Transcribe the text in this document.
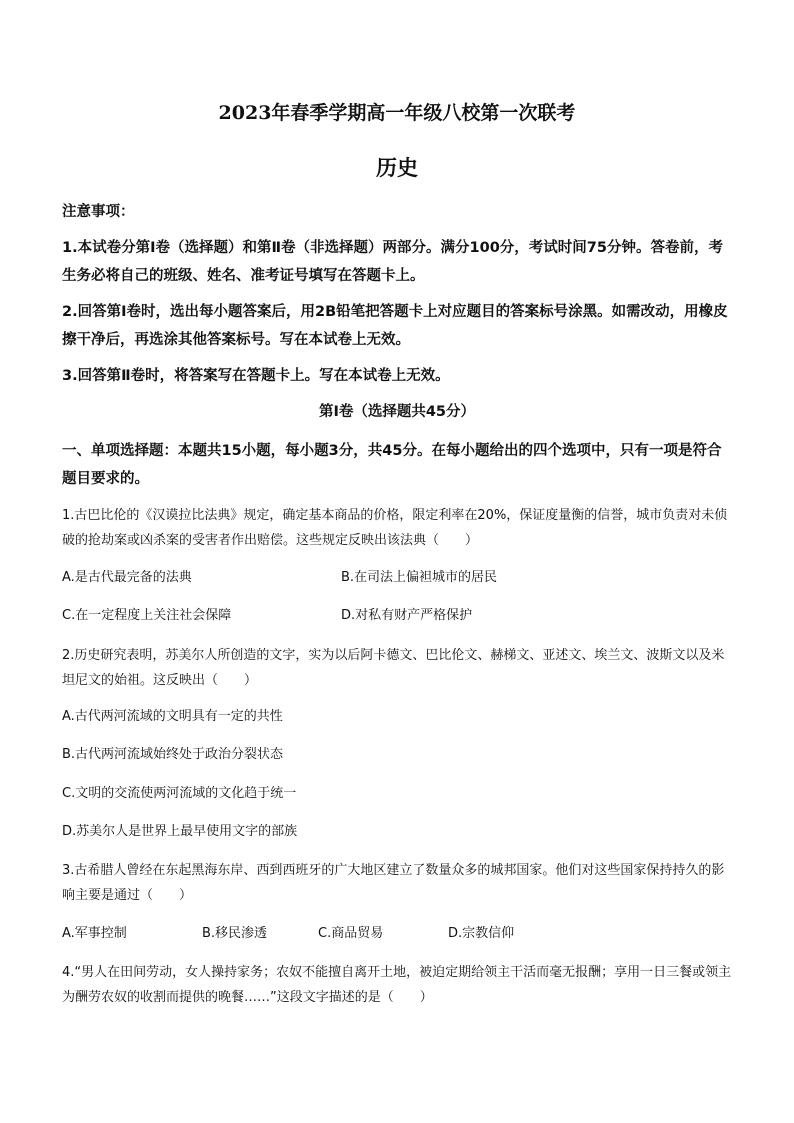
2023年春季学期高一年级八校第一次联考
历史
注意事项：
1.本试卷分第Ⅰ卷（选择题）和第Ⅱ卷（非选择题）两部分。满分100分，考试时间75分钟。答卷前，考生务必将自己的班级、姓名、准考证号填写在答题卡上。
2.回答第Ⅰ卷时，选出每小题答案后，用2B铅笔把答题卡上对应题目的答案标号涂黑。如需改动，用橡皮擦干净后，再选涂其他答案标号。写在本试卷上无效。
3.回答第Ⅱ卷时，将答案写在答题卡上。写在本试卷上无效。
第Ⅰ卷（选择题共45分）
一、单项选择题：本题共15小题，每小题3分，共45分。在每小题给出的四个选项中，只有一项是符合题目要求的。
1.古巴比伦的《汉谟拉比法典》规定，确定基本商品的价格，限定利率在20%，保证度量衡的信誉，城市负责对未侦破的抢劫案或凶杀案的受害者作出赔偿。这些规定反映出该法典（　　）
A.是古代最完备的法典	B.在司法上偏袒城市的居民
C.在一定程度上关注社会保障	D.对私有财产严格保护
2.历史研究表明，苏美尔人所创造的文字，实为以后阿卡德文、巴比伦文、赫梯文、亚述文、埃兰文、波斯文以及米坦尼文的始祖。这反映出（　　）
A.古代两河流域的文明具有一定的共性
B.古代两河流域始终处于政治分裂状态
C.文明的交流使两河流域的文化趋于统一
D.苏美尔人是世界上最早使用文字的部族
3.古希腊人曾经在东起黑海东岸、西到西班牙的广大地区建立了数量众多的城邦国家。他们对这些国家保持持久的影响主要是通过（　　）
A.军事控制	B.移民渗透	C.商品贸易	D.宗教信仰
4.“男人在田间劳动，女人操持家务；农奴不能擅自离开土地，被迫定期给领主干活而毫无报酬；享用一日三餐或领主为酬劳农奴的收割而提供的晚餐……”这段文字描述的是（　　）
